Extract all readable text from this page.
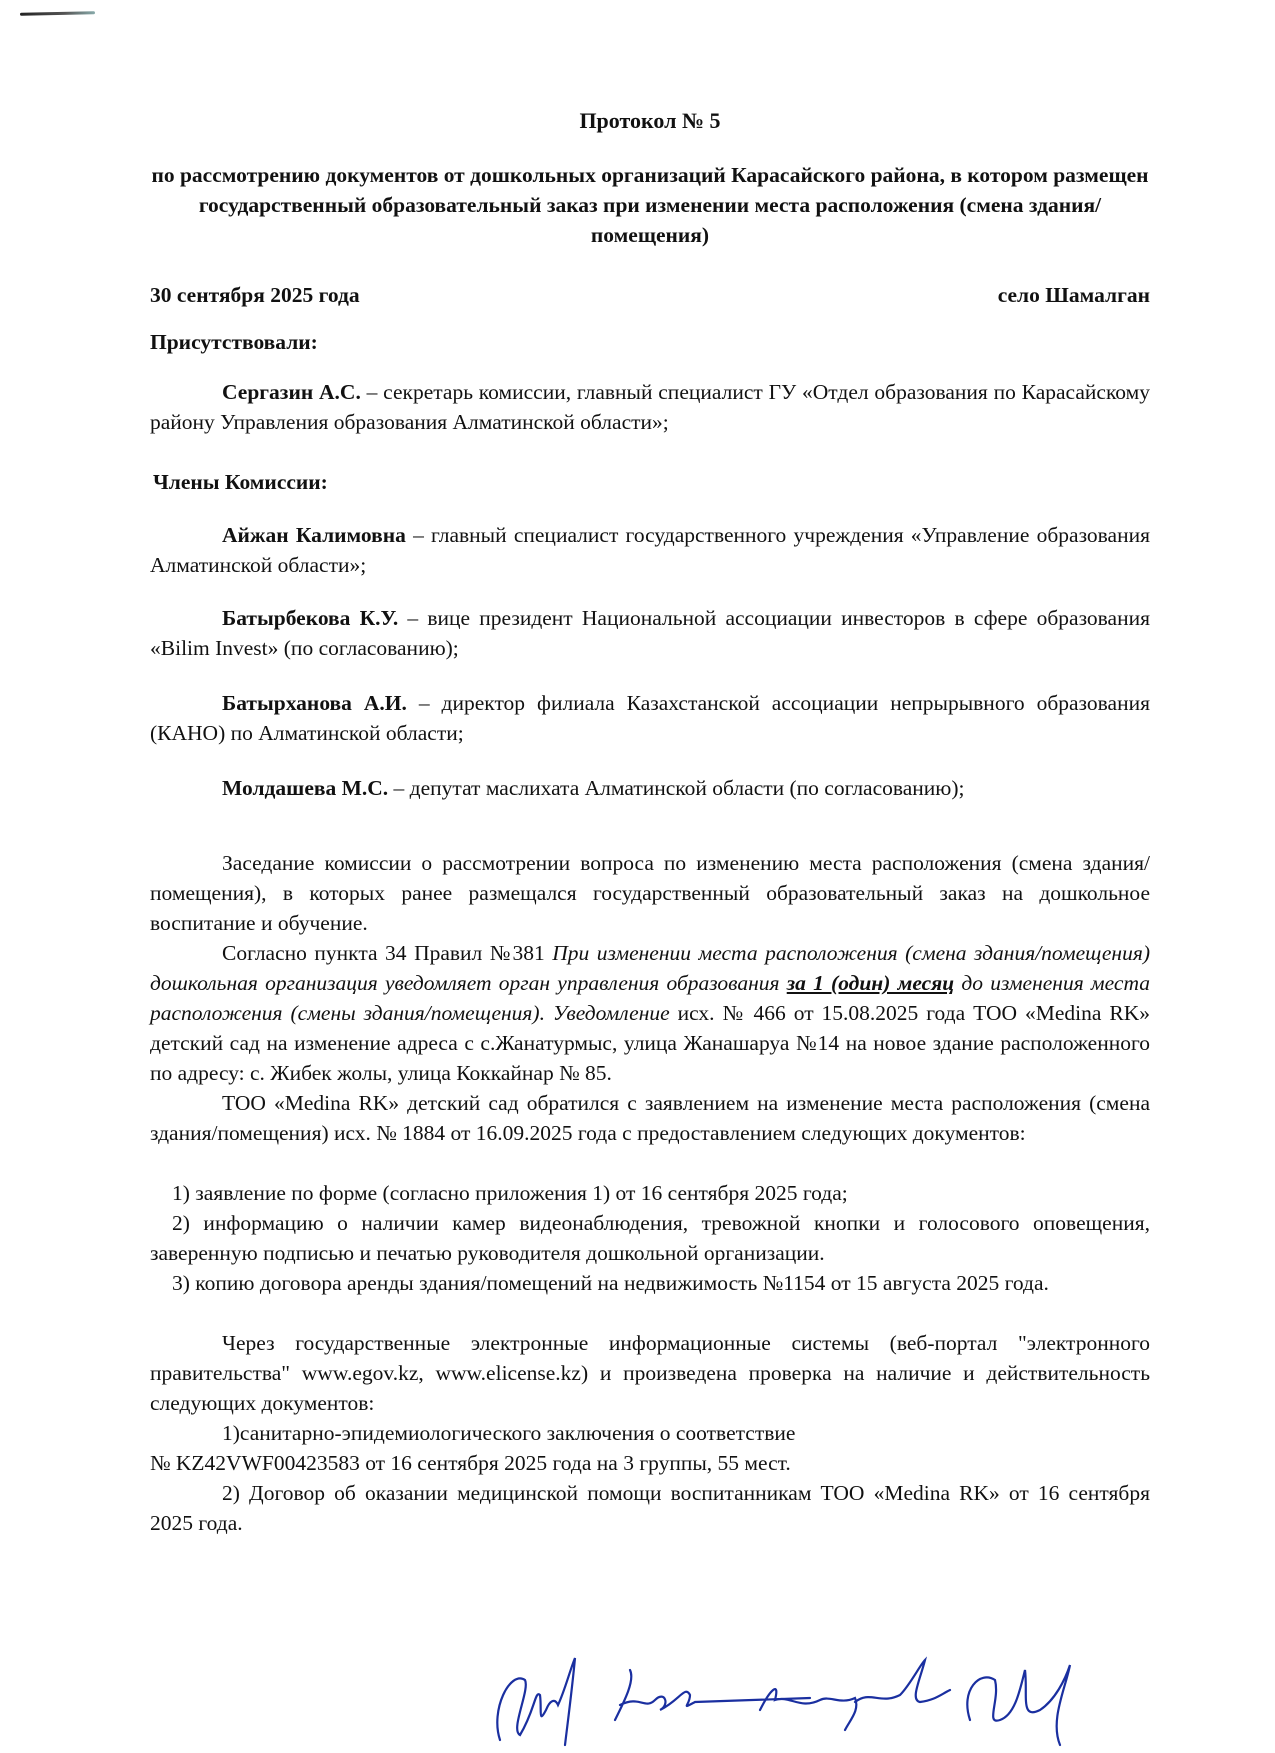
Протокол № 5
по рассмотрению документов от дошкольных организаций Карасайского района, в котором размещен государственный образовательный заказ при изменении места расположения (смена здания/помещения)
30 сентября 2025 года	село Шамалган
Присутствовали:
Сергазин А.С. – секретарь комиссии, главный специалист ГУ «Отдел образования по Карасайскому району Управления образования Алматинской области»;
Члены Комиссии:
Айжан Калимовна – главный специалист государственного учреждения «Управление образования Алматинской области»;
Батырбекова К.У. – вице президент Национальной ассоциации инвесторов в сфере образования «Bilim Invest» (по согласованию);
Батырханова А.И. – директор филиала Казахстанской ассоциации непрырывного образования (КАНО) по Алматинской области;
Молдашева М.С. – депутат маслихата Алматинской области (по согласованию);
Заседание комиссии о рассмотрении вопроса по изменению места расположения (смена здания/помещения), в которых ранее размещался государственный образовательный заказ на дошкольное воспитание и обучение.
Согласно пункта 34 Правил №381 При изменении места расположения (смена здания/помещения) дошкольная организация уведомляет орган управления образования за 1 (один) месяц до изменения места расположения (смены здания/помещения). Уведомление исх. № 466 от 15.08.2025 года ТОО «Medina RK» детский сад на изменение адреса с с.Жанатурмыс, улица Жанашаруа №14 на новое здание расположенного по адресу: с. Жибек жолы, улица Коккайнар № 85.
ТОО «Medina RK» детский сад обратился с заявлением на изменение места расположения (смена здания/помещения) исх. № 1884 от 16.09.2025 года с предоставлением следующих документов:
1) заявление по форме (согласно приложения 1) от 16 сентября 2025 года;
2) информацию о наличии камер видеонаблюдения, тревожной кнопки и голосового оповещения, заверенную подписью и печатью руководителя дошкольной организации.
3) копию договора аренды здания/помещений на недвижимость №1154 от 15 августа 2025 года.
Через государственные электронные информационные системы (веб-портал "электронного правительства" www.egov.kz, www.elicense.kz) и произведена проверка на наличие и действительность следующих документов:
1)санитарно-эпидемиологического заключения о соответствие
№ KZ42VWF00423583 от 16 сентября 2025 года на 3 группы, 55 мест.
2) Договор об оказании медицинской помощи воспитанникам ТОО «Medina RK» от 16 сентября 2025 года.
